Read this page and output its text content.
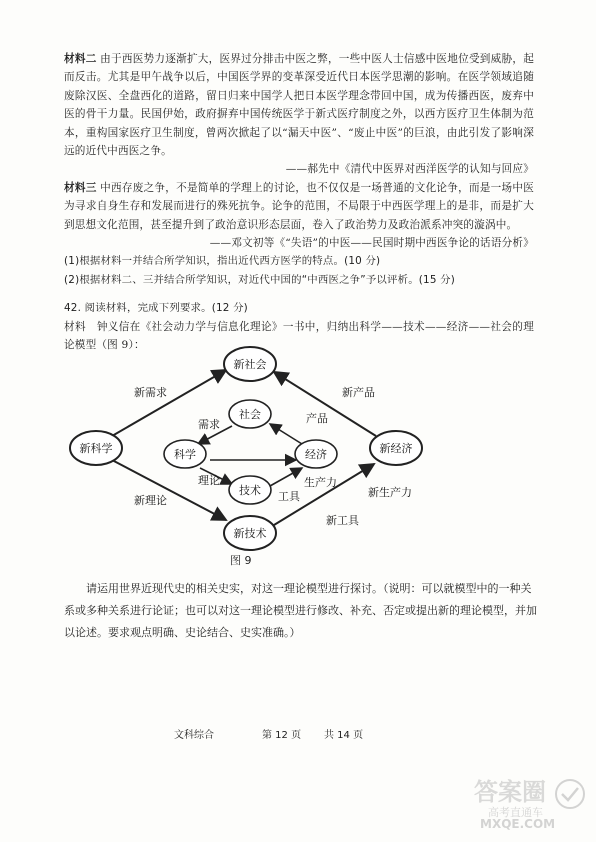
材料二 由于西医势力逐渐扩大，医界过分排击中医之弊，一些中医人士信感中医地位受到威胁，起而反击。尤其是甲午战争以后，中国医学界的变革深受近代日本医学思潮的影响。在医学领域追随废除汉医、全盘西化的道路，留日归来中国学人把日本医学理念带回中国，成为传播西医，废弃中医的骨干力量。民国伊始，政府摒弃中国传统医学于新式医疗制度之外，以西方医疗卫生体制为范本，重构国家医疗卫生制度，曾两次掀起了以“漏天中医”、“废止中医”的巨浪，由此引发了影响深远的近代中西医之争。

——郝先中《清代中医界对西洋医学的认知与回应》

材料三 中西存废之争，不是简单的学理上的讨论，也不仅仅是一场普通的文化论争，而是一场中医为寻求自身生存和发展而进行的殊死抗争。论争的范围，不局限于中西医学理上的是非，而是扩大到思想文化范围，甚至提升到了政治意识形态层面，卷入了政治势力及政治派系冲突的漩涡中。

——邓文初等《“失语”的中医——民国时期中西医争论的话语分析》

(1)根据材料一并结合所学知识，指出近代西方医学的特点。(10 分)

(2)根据材料二、三并结合所学知识，对近代中国的“中西医之争”予以评析。(15 分)

42. 阅读材料，完成下列要求。(12 分)

材料　钟义信在《社会动力学与信息化理论》一书中，归纳出科学——技术——经济——社会的理论模型（图 9）：

新社会
新科学	新经济
新技术
社会
科学	经济
技术
新需求	新产品
新理论
新生产力
新工具
需求	产品
理论
工具
生产力
图 9

请运用世界近现代史的相关史实，对这一理论模型进行探讨。（说明：可以就模型中的一种关系或多种关系进行论证；也可以对这一理论模型进行修改、补充、否定或提出新的理论模型，并加以论述。要求观点明确、史论结合、史实准确。）

文科综合	第 12 页 共 14 页
答案圈
高考直通车
MXQE.COM
